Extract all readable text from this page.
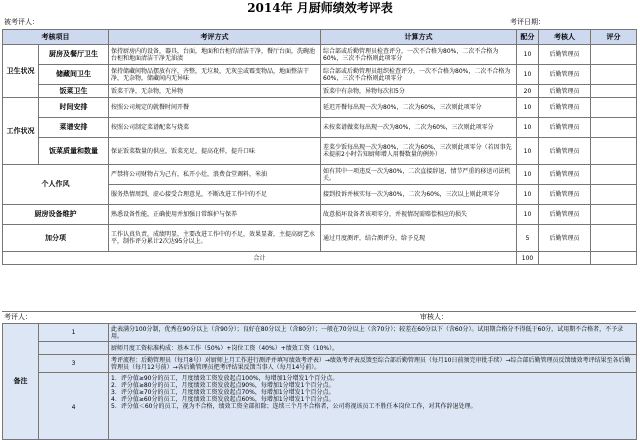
2014年 月厨师绩效考评表
被考评人：	考评日期：
考核项目		考评方式	计算方式	配分	考核人	评分
卫生状况	厨房及餐厅卫生	保持厨房内的设备，器具，台面，地面和台柜的清洁干净，餐厅台面，洗碗池台柜和地面清洁干净无油渍	综合部或后勤管理员检查评分，一次不合格为80%，二次不合格为60%，三次不合格则此项零分	10	后勤管理员	
	储藏间卫生	保持储藏间物品摆放有序，齐整，无垃圾，无灰尘或霉变物品，地面整洁干净，无杂物，储藏间内无异味	综合部或后勤管理员组织检查评分，一次不合格为80%，二次不合格为60%，三次不合格则此项零分	10	后勤管理员	
	饭菜卫生	饭菜干净，无杂物，无异物	饭菜中有杂物，异物每次扣5分	20	后勤管理员	
工作状况	时间安排	按照公司规定的就餐时间开餐	延迟开餐每出现一次为80%，二次为60%，三次则此项零分	10	后勤管理员	
	菜谱安排	按照公司制定菜谱配菜与烧菜	未按菜谱做菜每出现一次为80%，二次为60%，三次则此项零分	10	后勤管理员	
	饭菜质量和数量	保证饭菜数量的供应，饭菜充足，提高花样，提升口味	差菜少饭每出现一次为80%，二次为60%，三次则此项零分（若因事先未提前2小时告知厨师增人用餐数量的例外）	10	后勤管理员	
个人作风		严禁将公司财物占为己有，私开小灶，浪费食堂调料，米油	如有其中一项违反一次为80%，二次直接辞退，情节严重的移送司法机关。	10	后勤管理员	
		服务热情周到，虚心接受合理意见，不断改进工作中的不足	接到投诉并核实每一次为80%，二次为60%，三次以上则此项零分	10	后勤管理员	
厨房设备维护		熟悉设备性能，正确使用并加强日常维护与保养	故意损坏设备者该项零分，并视情况需赔偿相应的损失	10	后勤管理员	
加分项		工作认真负责，成绩明显，主要改进工作中的不足，效果显著，主提高厨艺水平，制作评分累计2次达95分以上。	通过月度测评，结合测评分，给予兑现	5	后勤管理员	
合计				100		
考评人：	审核人：
备注	1	此表满分100分制，优秀在90分以上（含90分）；良好在80分以上（含80分）；一般在70分以上（含70分）；较差在60分以下（含60分）。试用期合格分不得低于60分，试用期不合格者，不予录用。
		厨师月度工资标准构成：基本工作（50%）+岗位工资（40%）+绩效工资（10%）。
	3	考评流程：后勤管理员（每月8号）对厨师上月工作进行测评并填写绩效考评表）→绩效考评表反馈至综合部后勤管理员（每月10日前须完审批手续）→综合部后勤管理员反馈绩效考评结果至各后勤管理员（每月12号前）→各后勤管理员把考评结果反馈当事人（每月14号前）。
	4	1．评分值≥90分的员工，月度绩效工资发放起点100%，每增加1分增发1个百分点。
2．评分值≥80分的员工，月度绩效工资发放起点90%，每增加1分增发1个百分点。
3．评分值≥70分的员工，月度绩效工资发放起点70%，每增加1分增发1个百分点。
4．评分值≥60分的员工，月度绩效工资发放起点60%，每增加1分增发1个百分点。
5．评分值＜60分的员工，视为不合格，绩效工资全部扣除；连续三个月不合格者，公司将视该员工不胜任本岗位工作，对其作辞退处理。
